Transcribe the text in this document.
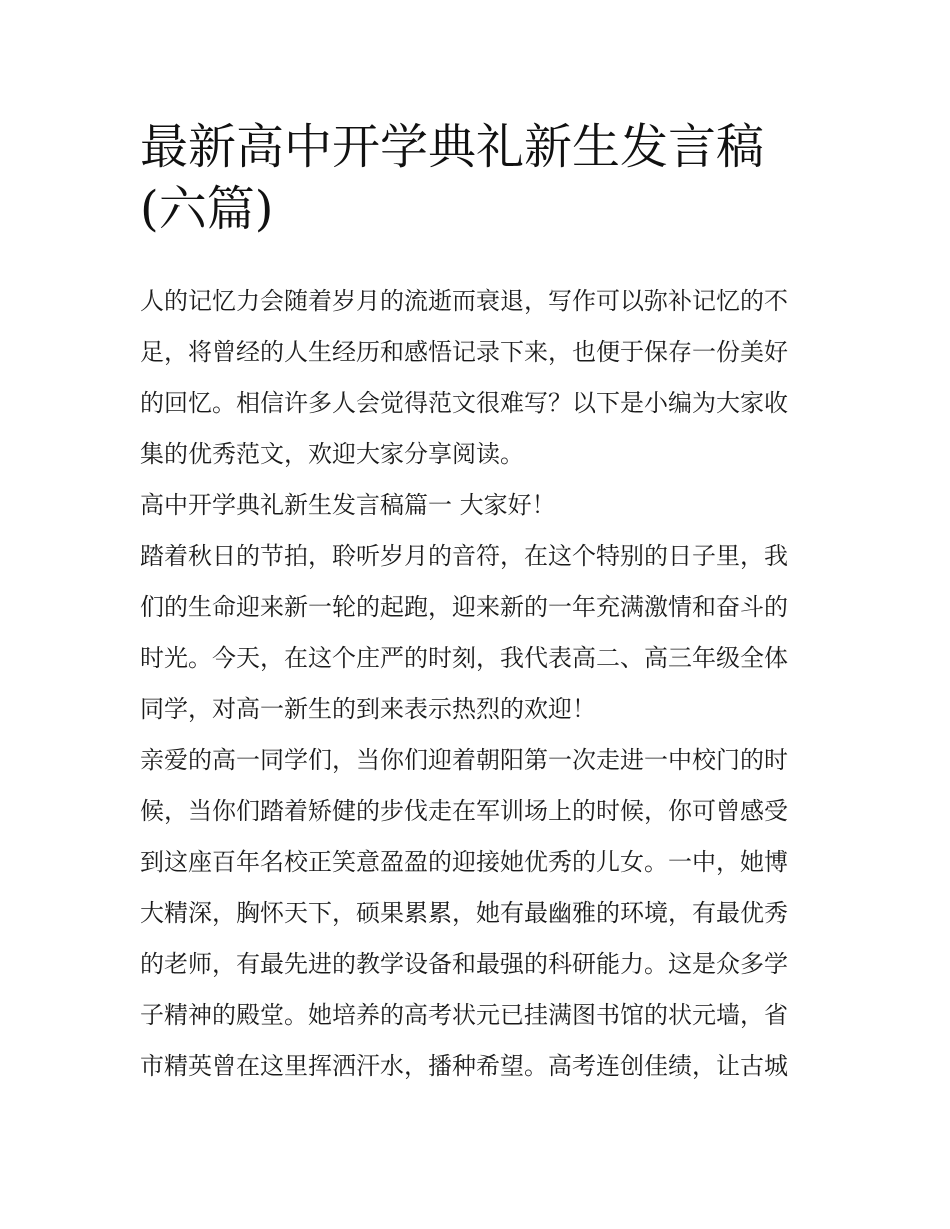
最新高中开学典礼新生发言稿
(六篇)
人的记忆力会随着岁月的流逝而衰退，写作可以弥补记忆的不
足，将曾经的人生经历和感悟记录下来，也便于保存一份美好
的回忆。相信许多人会觉得范文很难写？以下是小编为大家收
集的优秀范文，欢迎大家分享阅读。
高中开学典礼新生发言稿篇一 大家好！
踏着秋日的节拍，聆听岁月的音符，在这个特别的日子里，我
们的生命迎来新一轮的起跑，迎来新的一年充满激情和奋斗的
时光。今天，在这个庄严的时刻，我代表高二、高三年级全体
同学，对高一新生的到来表示热烈的欢迎！
亲爱的高一同学们，当你们迎着朝阳第一次走进一中校门的时
候，当你们踏着矫健的步伐走在军训场上的时候，你可曾感受
到这座百年名校正笑意盈盈的迎接她优秀的儿女。一中，她博
大精深，胸怀天下，硕果累累，她有最幽雅的环境，有最优秀
的老师，有最先进的教学设备和最强的科研能力。这是众多学
子精神的殿堂。她培养的高考状元已挂满图书馆的状元墙，省
市精英曾在这里挥洒汗水，播种希望。高考连创佳绩，让古城
